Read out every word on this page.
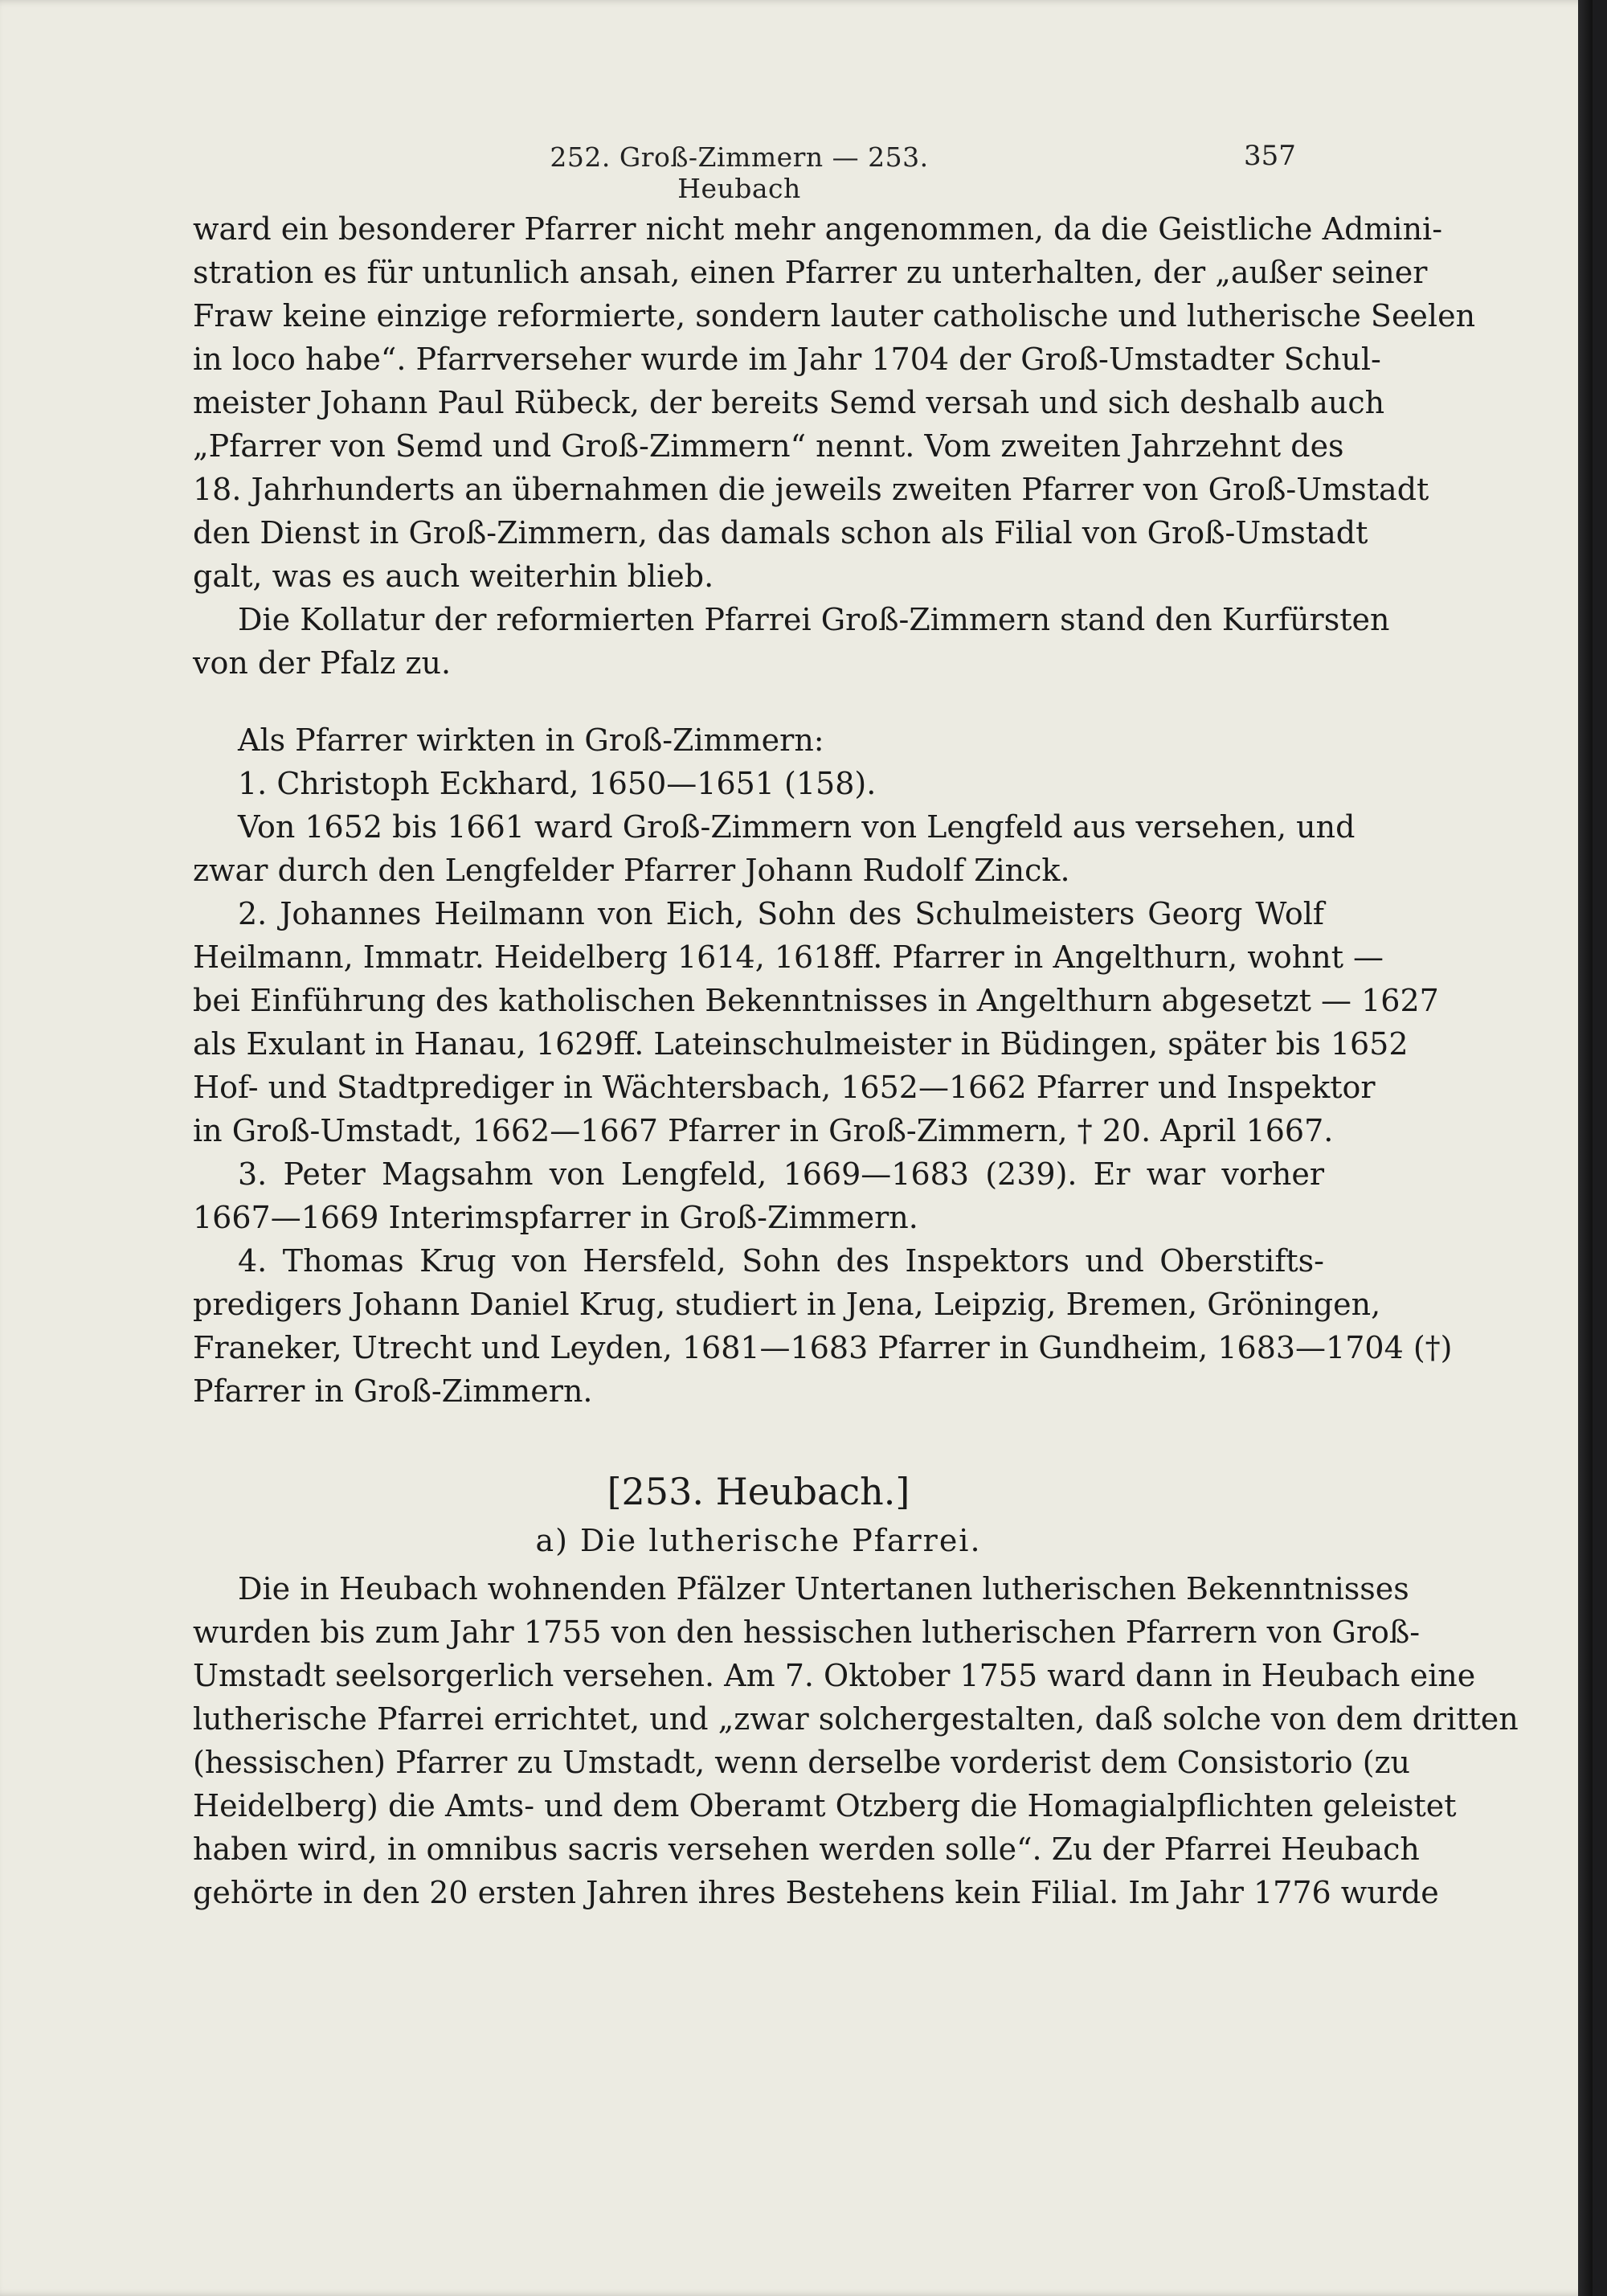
252. Groß-Zimmern — 253. Heubach
357
ward ein besonderer Pfarrer nicht mehr angenommen, da die Geistliche Admini-
stration es für untunlich ansah, einen Pfarrer zu unterhalten, der „außer seiner
Fraw keine einzige reformierte, sondern lauter catholische und lutherische Seelen
in loco habe“. Pfarrverseher wurde im Jahr 1704 der Groß-Umstadter Schul-
meister Johann Paul Rübeck, der bereits Semd versah und sich deshalb auch
„Pfarrer von Semd und Groß-Zimmern“ nennt. Vom zweiten Jahrzehnt des
18. Jahrhunderts an übernahmen die jeweils zweiten Pfarrer von Groß-Umstadt
den Dienst in Groß-Zimmern, das damals schon als Filial von Groß-Umstadt
galt, was es auch weiterhin blieb.
Die Kollatur der reformierten Pfarrei Groß-Zimmern stand den Kurfürsten
von der Pfalz zu.
Als Pfarrer wirkten in Groß-Zimmern:
1. Christoph Eckhard, 1650—1651 (158).
Von 1652 bis 1661 ward Groß-Zimmern von Lengfeld aus versehen, und
zwar durch den Lengfelder Pfarrer Johann Rudolf Zinck.
2. Johannes Heilmann von Eich, Sohn des Schulmeisters Georg Wolf
Heilmann, Immatr. Heidelberg 1614, 1618ff. Pfarrer in Angelthurn, wohnt —
bei Einführung des katholischen Bekenntnisses in Angelthurn abgesetzt — 1627
als Exulant in Hanau, 1629ff. Lateinschulmeister in Büdingen, später bis 1652
Hof- und Stadtprediger in Wächtersbach, 1652—1662 Pfarrer und Inspektor
in Groß-Umstadt, 1662—1667 Pfarrer in Groß-Zimmern, † 20. April 1667.
3. Peter Magsahm von Lengfeld, 1669—1683 (239). Er war vorher
1667—1669 Interimspfarrer in Groß-Zimmern.
4. Thomas Krug von Hersfeld, Sohn des Inspektors und Oberstifts-
predigers Johann Daniel Krug, studiert in Jena, Leipzig, Bremen, Gröningen,
Franeker, Utrecht und Leyden, 1681—1683 Pfarrer in Gundheim, 1683—1704 (†)
Pfarrer in Groß-Zimmern.
[253. Heubach.]
a) Die lutherische Pfarrei.
Die in Heubach wohnenden Pfälzer Untertanen lutherischen Bekenntnisses
wurden bis zum Jahr 1755 von den hessischen lutherischen Pfarrern von Groß-
Umstadt seelsorgerlich versehen. Am 7. Oktober 1755 ward dann in Heubach eine
lutherische Pfarrei errichtet, und „zwar solchergestalten, daß solche von dem dritten
(hessischen) Pfarrer zu Umstadt, wenn derselbe vorderist dem Consistorio (zu
Heidelberg) die Amts- und dem Oberamt Otzberg die Homagialpflichten geleistet
haben wird, in omnibus sacris versehen werden solle“. Zu der Pfarrei Heubach
gehörte in den 20 ersten Jahren ihres Bestehens kein Filial. Im Jahr 1776 wurde
